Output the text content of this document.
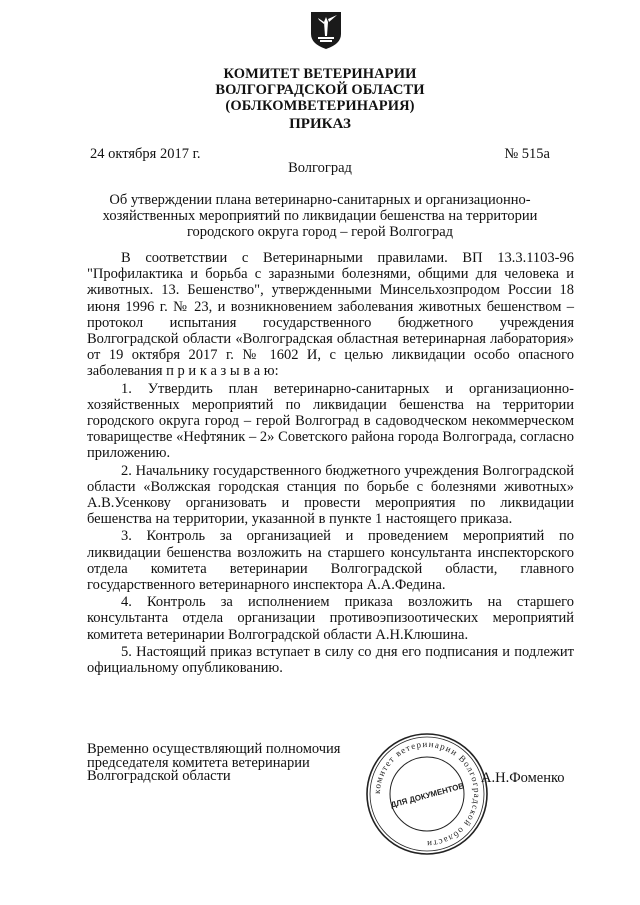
КОМИТЕТ ВЕТЕРИНАРИИ
ВОЛГОГРАДСКОЙ ОБЛАСТИ
(ОБЛКОМВЕТЕРИНАРИЯ)
ПРИКАЗ
24 октября 2017 г.	№ 515а
Волгоград
Об утверждении плана ветеринарно-санитарных и организационно-
хозяйственных мероприятий по ликвидации бешенства на территории
городского округа город – герой Волгоград

В соответствии с Ветеринарными правилами. ВП 13.3.1103-96 "Профилактика и борьба с заразными болезнями, общими для человека и животных. 13. Бешенство", утвержденными Минсельхозпродом России 18 июня 1996 г. № 23, и возникновением заболевания животных бешенством – протокол испытания государственного бюджетного учреждения Волгоградской области «Волгоградская областная ветеринарная лаборатория» от 19 октября 2017 г. № 1602 И, с целью ликвидации особо опасного заболевания п р и к а з ы в а ю:

1. Утвердить план ветеринарно-санитарных и организационно-хозяйственных мероприятий по ликвидации бешенства на территории городского округа город – герой Волгоград в садоводческом некоммерческом товариществе «Нефтяник – 2» Советского района города Волгограда, согласно приложению.

2. Начальнику государственного бюджетного учреждения Волгоградской области «Волжская городская станция по борьбе с болезнями животных» А.В.Усенкову организовать и провести мероприятия по ликвидации бешенства на территории, указанной в пункте 1 настоящего приказа.

3. Контроль за организацией и проведением мероприятий по ликвидации бешенства возложить на старшего консультанта инспекторского отдела комитета ветеринарии Волгоградской области, главного государственного ветеринарного инспектора А.А.Федина.

4. Контроль за исполнением приказа возложить на старшего консультанта отдела организации противоэпизоотических мероприятий комитета ветеринарии Волгоградской области А.Н.Клюшина.

5. Настоящий приказ вступает в силу со дня его подписания и подлежит официальному опубликованию.

Временно осуществляющий полномочия
председателя комитета ветеринарии
Волгоградской области
комитет ветеринарии Волгоградской области
ДЛЯ ДОКУМЕНТОВ
А.Н.Фоменко
